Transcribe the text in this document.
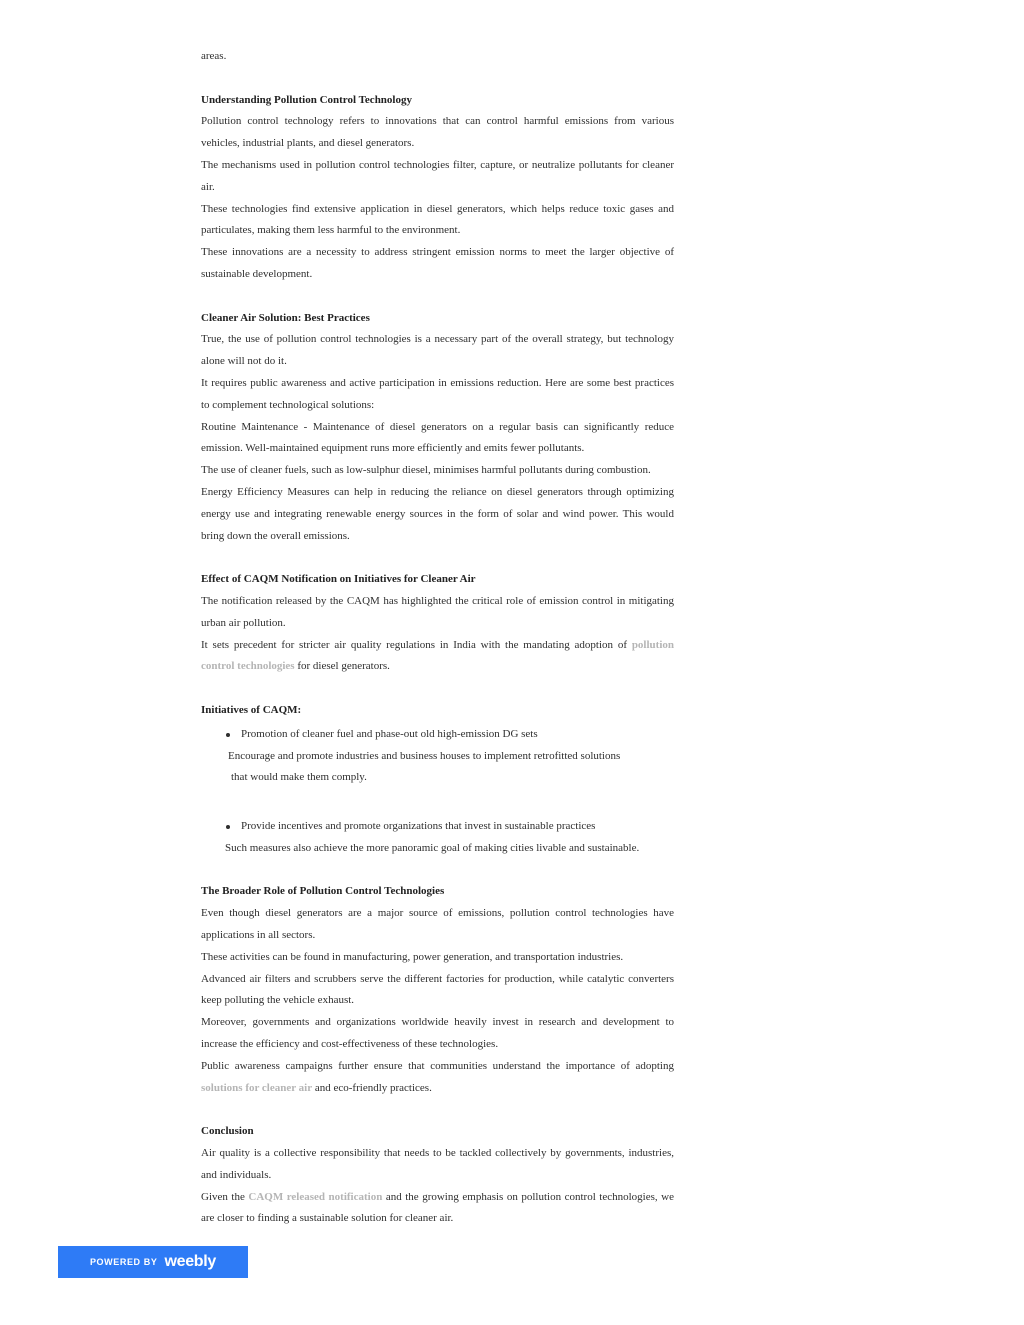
areas.

Understanding Pollution Control Technology

Pollution control technology refers to innovations that can control harmful emissions from various vehicles, industrial plants, and diesel generators.

The mechanisms used in pollution control technologies filter, capture, or neutralize pollutants for cleaner air.

These technologies find extensive application in diesel generators, which helps reduce toxic gases and particulates, making them less harmful to the environment.

These innovations are a necessity to address stringent emission norms to meet the larger objective of sustainable development.

Cleaner Air Solution: Best Practices

True, the use of pollution control technologies is a necessary part of the overall strategy, but technology alone will not do it.

It requires public awareness and active participation in emissions reduction. Here are some best practices to complement technological solutions:

Routine Maintenance - Maintenance of diesel generators on a regular basis can significantly reduce emission. Well-maintained equipment runs more efficiently and emits fewer pollutants.

The use of cleaner fuels, such as low-sulphur diesel, minimises harmful pollutants during combustion.

Energy Efficiency Measures can help in reducing the reliance on diesel generators through optimizing energy use and integrating renewable energy sources in the form of solar and wind power. This would bring down the overall emissions.

Effect of CAQM Notification on Initiatives for Cleaner Air

The notification released by the CAQM has highlighted the critical role of emission control in mitigating urban air pollution.

It sets precedent for stricter air quality regulations in India with the mandating adoption of pollution control technologies for diesel generators.

Initiatives of CAQM:
Promotion of cleaner fuel and phase-out old high-emission DG sets

Encourage and promote industries and business houses to implement retrofitted solutions
that would make them comply.

Provide incentives and promote organizations that invest in sustainable practices

Such measures also achieve the more panoramic goal of making cities livable and sustainable.

The Broader Role of Pollution Control Technologies

Even though diesel generators are a major source of emissions, pollution control technologies have applications in all sectors.

These activities can be found in manufacturing, power generation, and transportation industries.

Advanced air filters and scrubbers serve the different factories for production, while catalytic converters keep polluting the vehicle exhaust.

Moreover, governments and organizations worldwide heavily invest in research and development to increase the efficiency and cost-effectiveness of these technologies.

Public awareness campaigns further ensure that communities understand the importance of adopting solutions for cleaner air and eco-friendly practices.

Conclusion

Air quality is a collective responsibility that needs to be tackled collectively by governments, industries, and individuals.

Given the CAQM released notification and the growing emphasis on pollution control technologies, we are closer to finding a sustainable solution for cleaner air.

POWERED BY weebly
